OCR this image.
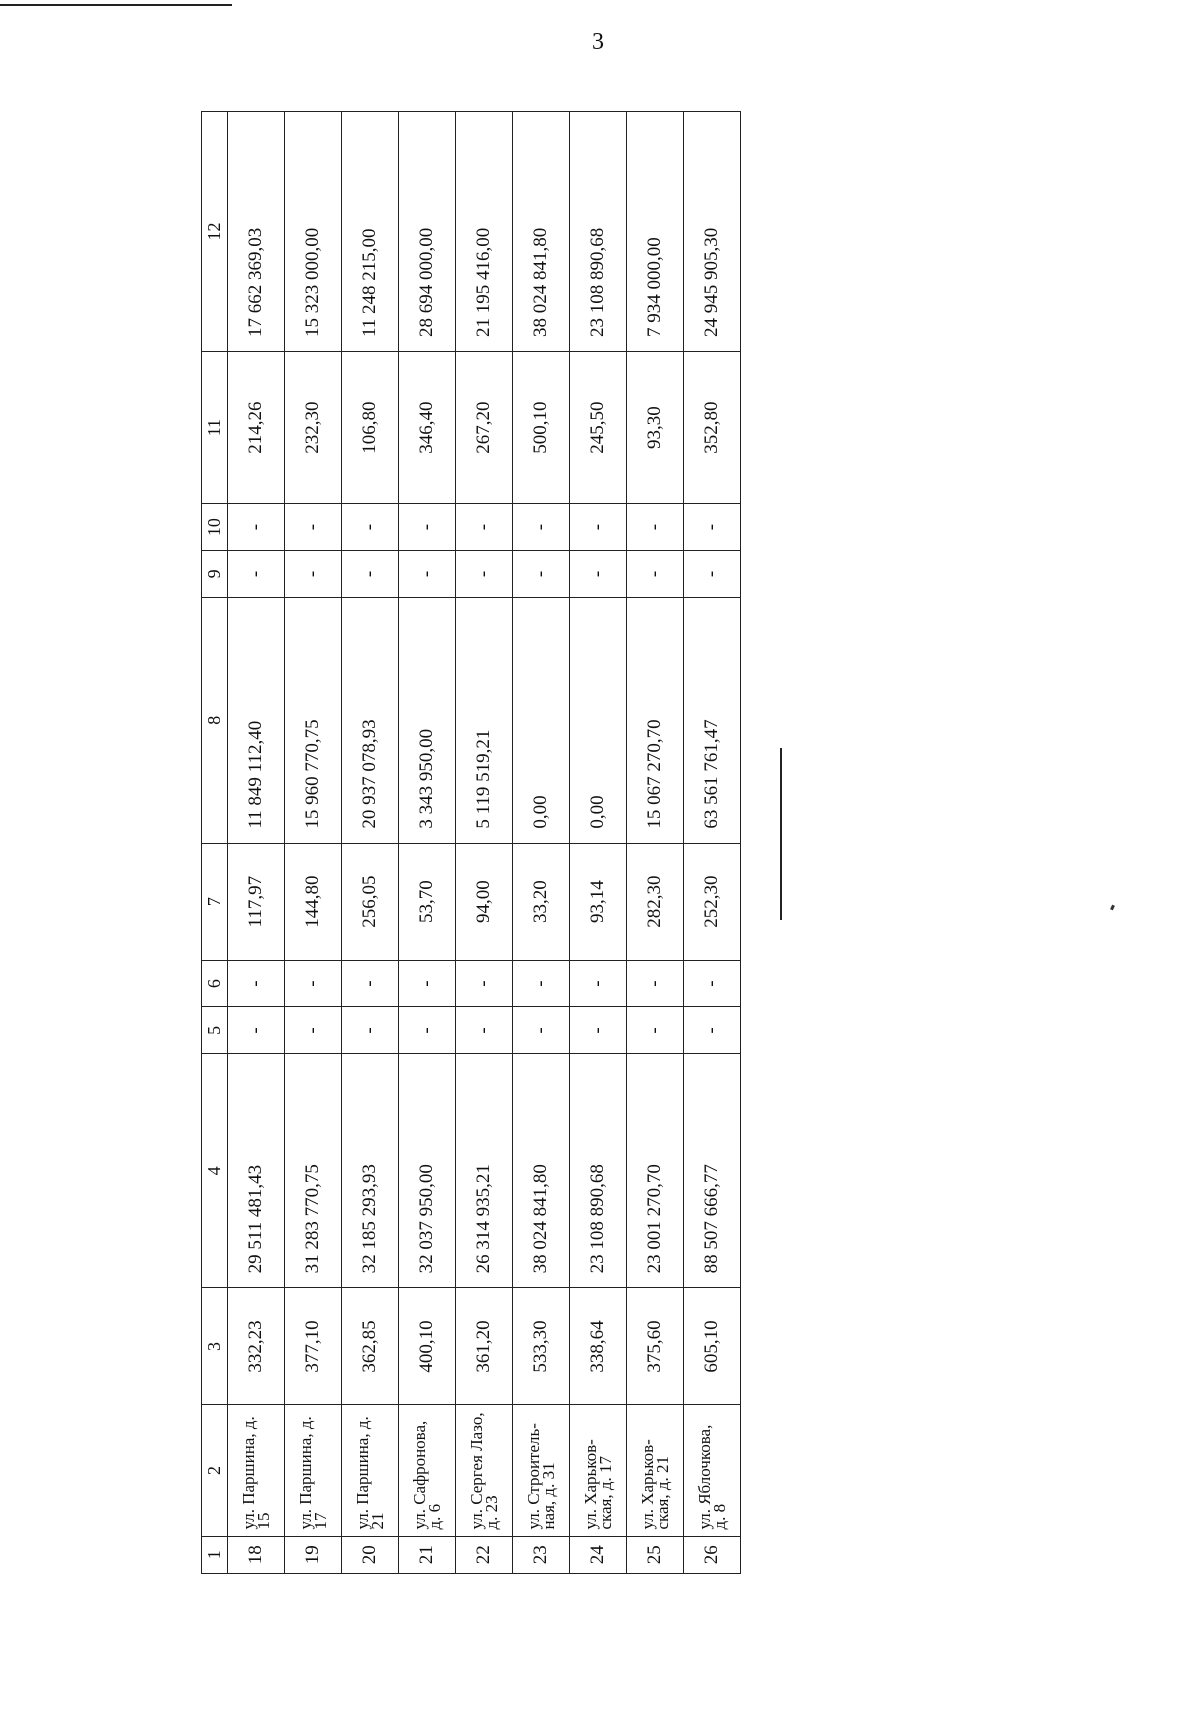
3
1	2	3	4	5	6	7	8	9	10	11	12
18	ул. Паршина, д. 15	332,23	29 511 481,43	-	-	117,97	11 849 112,40	-	-	214,26	17 662 369,03
19	ул. Паршина, д. 17	377,10	31 283 770,75	-	-	144,80	15 960 770,75	-	-	232,30	15 323 000,00
20	ул. Паршина, д. 21	362,85	32 185 293,93	-	-	256,05	20 937 078,93	-	-	106,80	11 248 215,00
21	ул. Сафронова, д. 6	400,10	32 037 950,00	-	-	53,70	3 343 950,00	-	-	346,40	28 694 000,00
22	ул. Сергея Лазо, д. 23	361,20	26 314 935,21	-	-	94,00	5 119 519,21	-	-	267,20	21 195 416,00
23	ул. Строитель-ная, д. 31	533,30	38 024 841,80	-	-	33,20	0,00	-	-	500,10	38 024 841,80
24	ул. Харьков-ская, д. 17	338,64	23 108 890,68	-	-	93,14	0,00	-	-	245,50	23 108 890,68
25	ул. Харьков-ская, д. 21	375,60	23 001 270,70	-	-	282,30	15 067 270,70	-	-	93,30	7 934 000,00
26	ул. Яблочкова, д. 8	605,10	88 507 666,77	-	-	252,30	63 561 761,47	-	-	352,80	24 945 905,30
